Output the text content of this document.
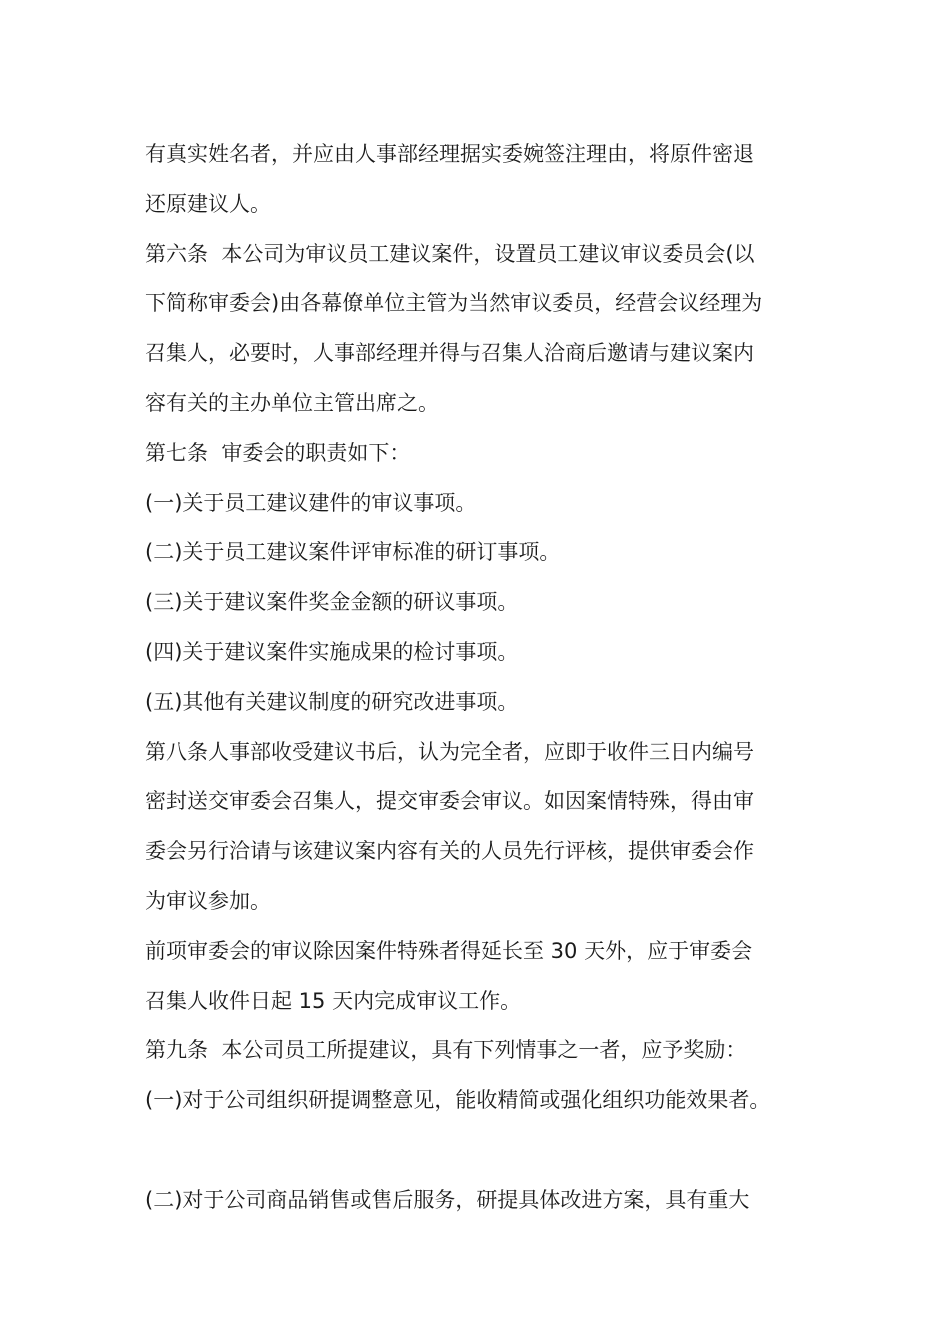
有真实姓名者，并应由人事部经理据实委婉签注理由，将原件密退

还原建议人。

第六条  本公司为审议员工建议案件，设置员工建议审议委员会(以

下简称审委会)由各幕僚单位主管为当然审议委员，经营会议经理为

召集人，必要时，人事部经理并得与召集人洽商后邀请与建议案内

容有关的主办单位主管出席之。

第七条  审委会的职责如下：

(一)关于员工建议建件的审议事项。

(二)关于员工建议案件评审标准的研订事项。

(三)关于建议案件奖金金额的研议事项。

(四)关于建议案件实施成果的检讨事项。

(五)其他有关建议制度的研究改进事项。

第八条人事部收受建议书后，认为完全者，应即于收件三日内编号

密封送交审委会召集人，提交审委会审议。如因案情特殊，得由审

委会另行洽请与该建议案内容有关的人员先行评核，提供审委会作

为审议参加。

前项审委会的审议除因案件特殊者得延长至 30 天外，应于审委会

召集人收件日起 15 天内完成审议工作。

第九条  本公司员工所提建议，具有下列情事之一者，应予奖励：

(一)对于公司组织研提调整意见，能收精简或强化组织功能效果者。

(二)对于公司商品销售或售后服务，研提具体改进方案，具有重大
